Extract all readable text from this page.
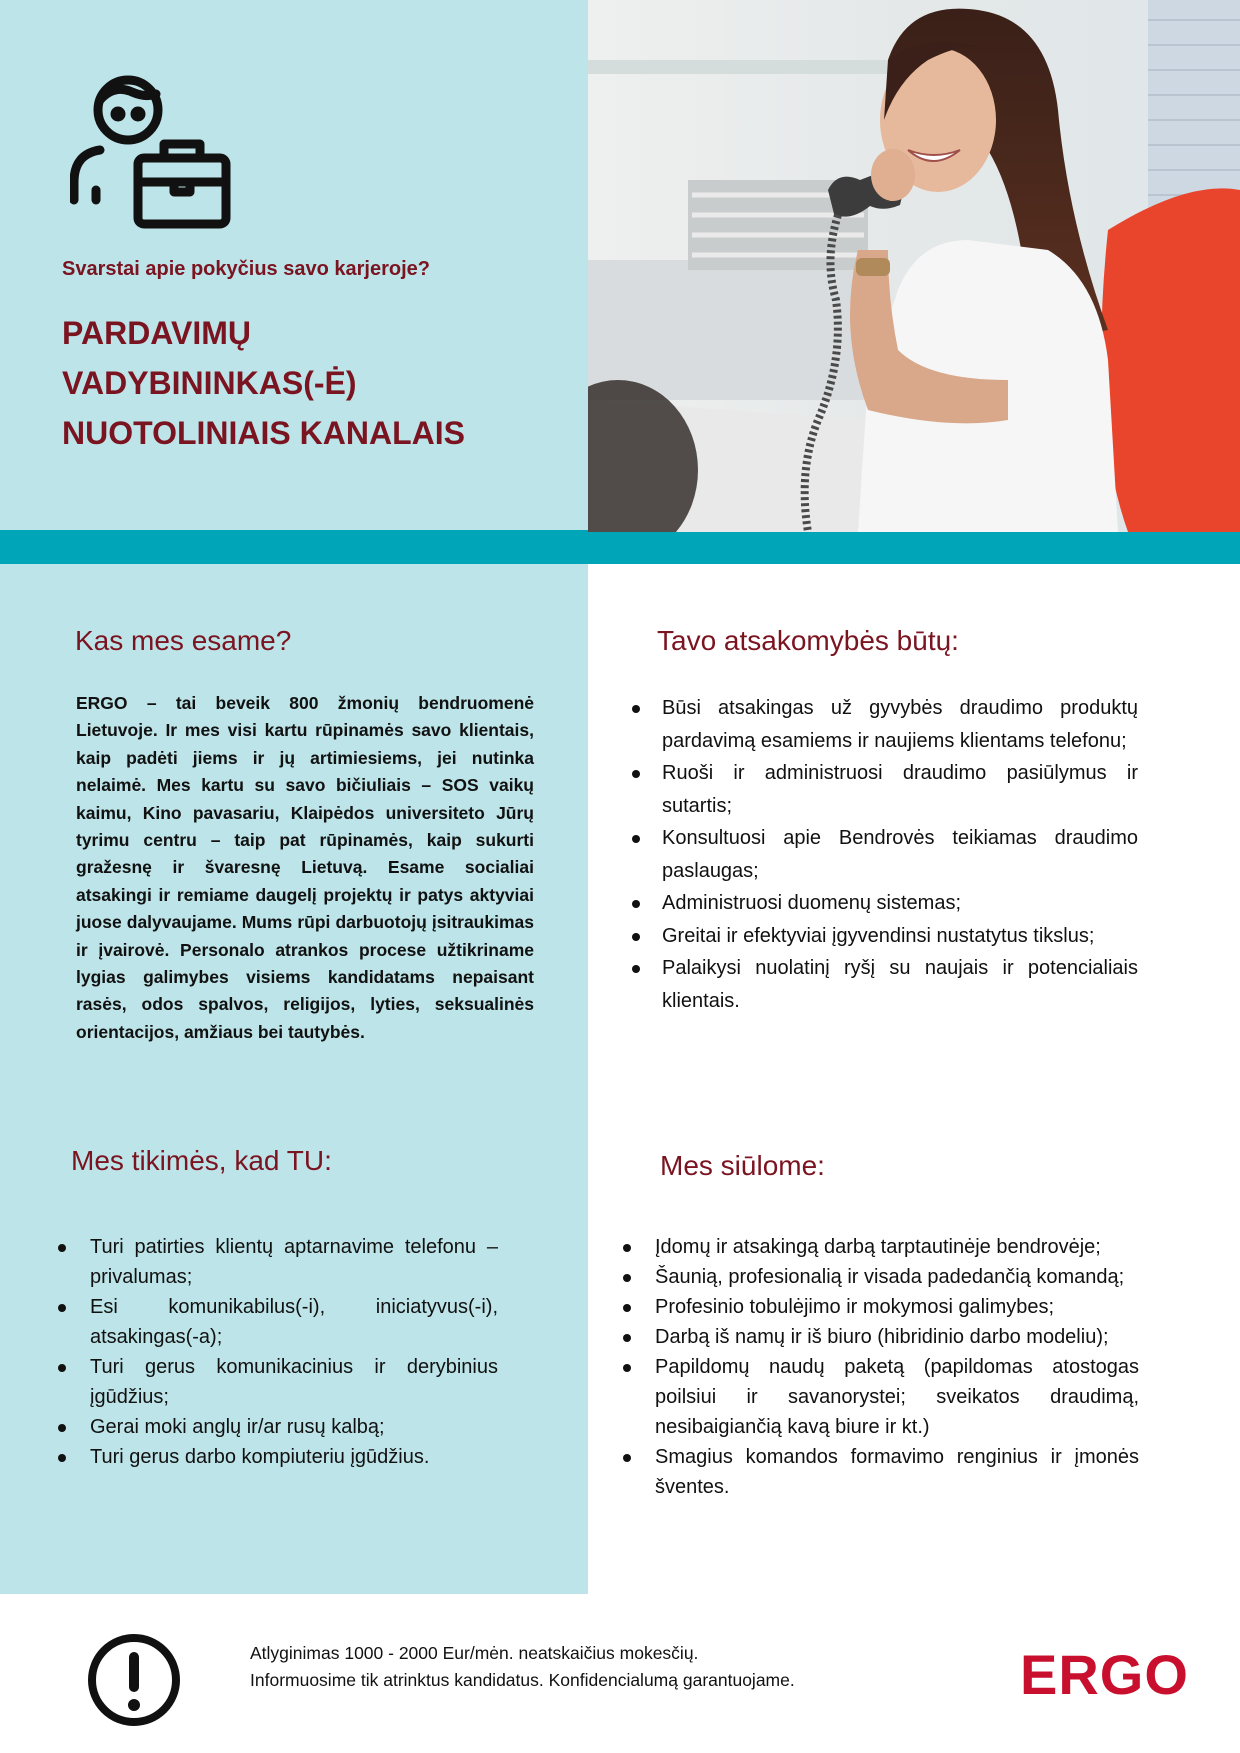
Svarstai apie pokyčius savo karjeroje?
PARDAVIMŲ
VADYBININKAS(-Ė)
NUOTOLINIAIS KANALAIS
Kas mes esame?
ERGO – tai beveik 800 žmonių bendruomenė Lietuvoje. Ir mes visi kartu rūpinamės savo klientais, kaip padėti jiems ir jų artimiesiems, jei nutinka nelaimė. Mes kartu su savo bičiuliais – SOS vaikų kaimu, Kino pavasariu, Klaipėdos universiteto Jūrų tyrimu centru – taip pat rūpinamės, kaip sukurti gražesnę ir švaresnę Lietuvą. Esame socialiai atsakingi ir remiame daugelį projektų ir patys aktyviai juose dalyvaujame. Mums rūpi darbuotojų įsitraukimas ir įvairovė. Personalo atrankos procese užtikriname lygias galimybes visiems kandidatams nepaisant rasės, odos spalvos, religijos, lyties, seksualinės orientacijos, amžiaus bei tautybės.
Tavo atsakomybės būtų:
Būsi atsakingas už gyvybės draudimo produktų pardavimą esamiems ir naujiems klientams telefonu;
Ruoši ir administruosi draudimo pasiūlymus ir sutartis;
Konsultuosi apie Bendrovės teikiamas draudimo paslaugas;
Administruosi duomenų sistemas;
Greitai ir efektyviai įgyvendinsi nustatytus tikslus;
Palaikysi nuolatinį ryšį su naujais ir potencialiais klientais.
Mes tikimės, kad TU:
Turi patirties klientų aptarnavime telefonu – privalumas;
Esi komunikabilus(-i), iniciatyvus(-i), atsakingas(-a);
Turi gerus komunikacinius ir derybinius įgūdžius;
Gerai moki anglų ir/ar rusų kalbą;
Turi gerus darbo kompiuteriu įgūdžius.
Mes siūlome:
Įdomų ir atsakingą darbą tarptautinėje bendrovėje;
Šaunią, profesionalią ir visada padedančią komandą;
Profesinio tobulėjimo ir mokymosi galimybes;
Darbą iš namų ir iš biuro (hibridinio darbo modeliu);
Papildomų naudų paketą (papildomas atostogas poilsiui ir savanorystei; sveikatos draudimą, nesibaigiančią kavą biure ir kt.)
Smagius komandos formavimo renginius ir įmonės šventes.
Atlyginimas 1000 - 2000 Eur/mėn. neatskaičius mokesčių.
Informuosime tik atrinktus kandidatus. Konfidencialumą garantuojame.	ERGO
